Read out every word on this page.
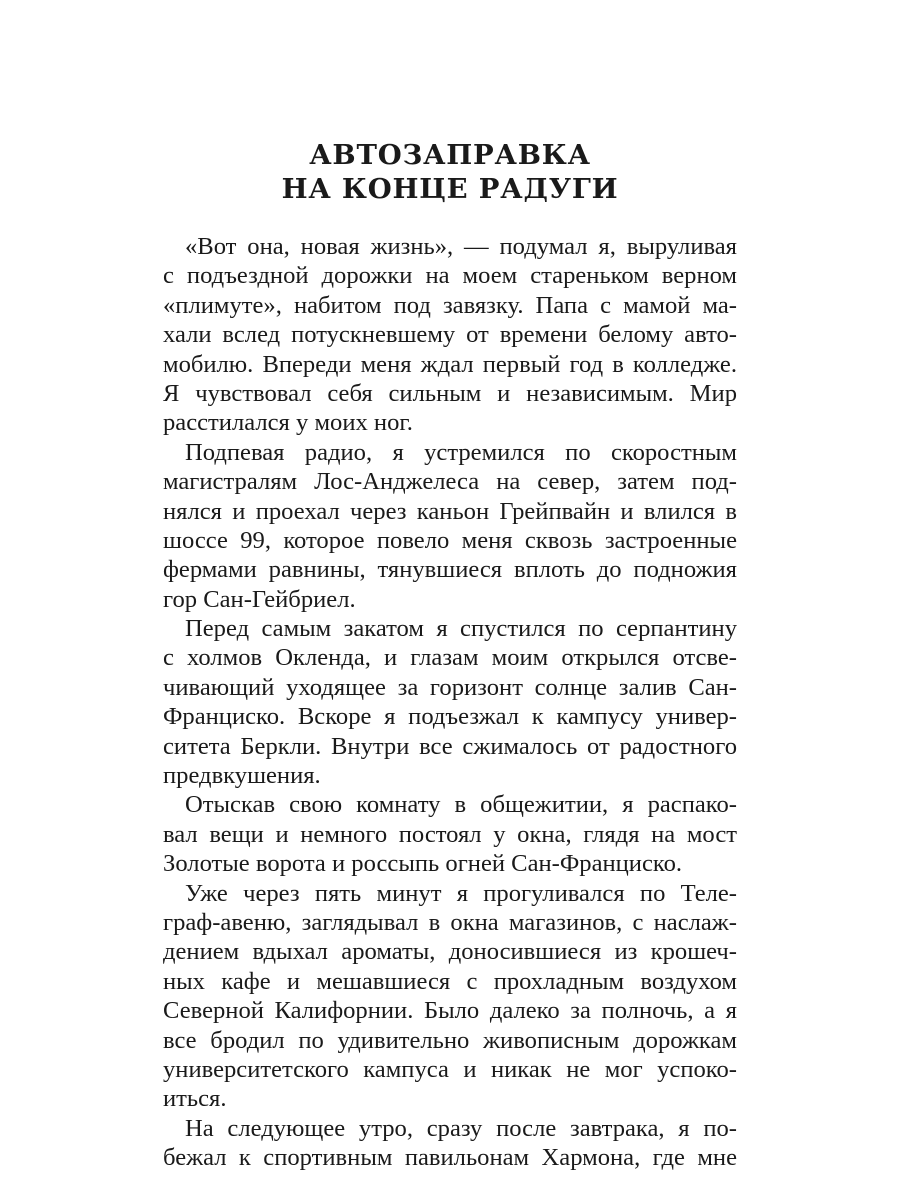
АВТОЗАПРАВКА
НА КОНЦЕ РАДУГИ
«Вот она, новая жизнь», — подумал я, выруливая
с подъездной дорожки на моем стареньком верном
«плимуте», набитом под завязку. Папа с мамой ма-
хали вслед потускневшему от времени белому авто-
мобилю. Впереди меня ждал первый год в колледже.
Я чувствовал себя сильным и независимым. Мир
расстилался у моих ног.
Подпевая радио, я устремился по скоростным
магистралям Лос-Анджелеса на север, затем под-
нялся и проехал через каньон Грейпвайн и влился в
шоссе 99, которое повело меня сквозь застроенные
фермами равнины, тянувшиеся вплоть до подножия
гор Сан-Гейбриел.
Перед самым закатом я спустился по серпантину
с холмов Окленда, и глазам моим открылся отсве-
чивающий уходящее за горизонт солнце залив Сан-
Франциско. Вскоре я подъезжал к кампусу универ-
ситета Беркли. Внутри все сжималось от радостного
предвкушения.
Отыскав свою комнату в общежитии, я распако-
вал вещи и немного постоял у окна, глядя на мост
Золотые ворота и россыпь огней Сан-Франциско.
Уже через пять минут я прогуливался по Теле-
граф-авеню, заглядывал в окна магазинов, с наслаж-
дением вдыхал ароматы, доносившиеся из крошеч-
ных кафе и мешавшиеся с прохладным воздухом
Северной Калифорнии. Было далеко за полночь, а я
все бродил по удивительно живописным дорожкам
университетского кампуса и никак не мог успоко-
иться.
На следующее утро, сразу после завтрака, я по-
бежал к спортивным павильонам Хармона, где мне
